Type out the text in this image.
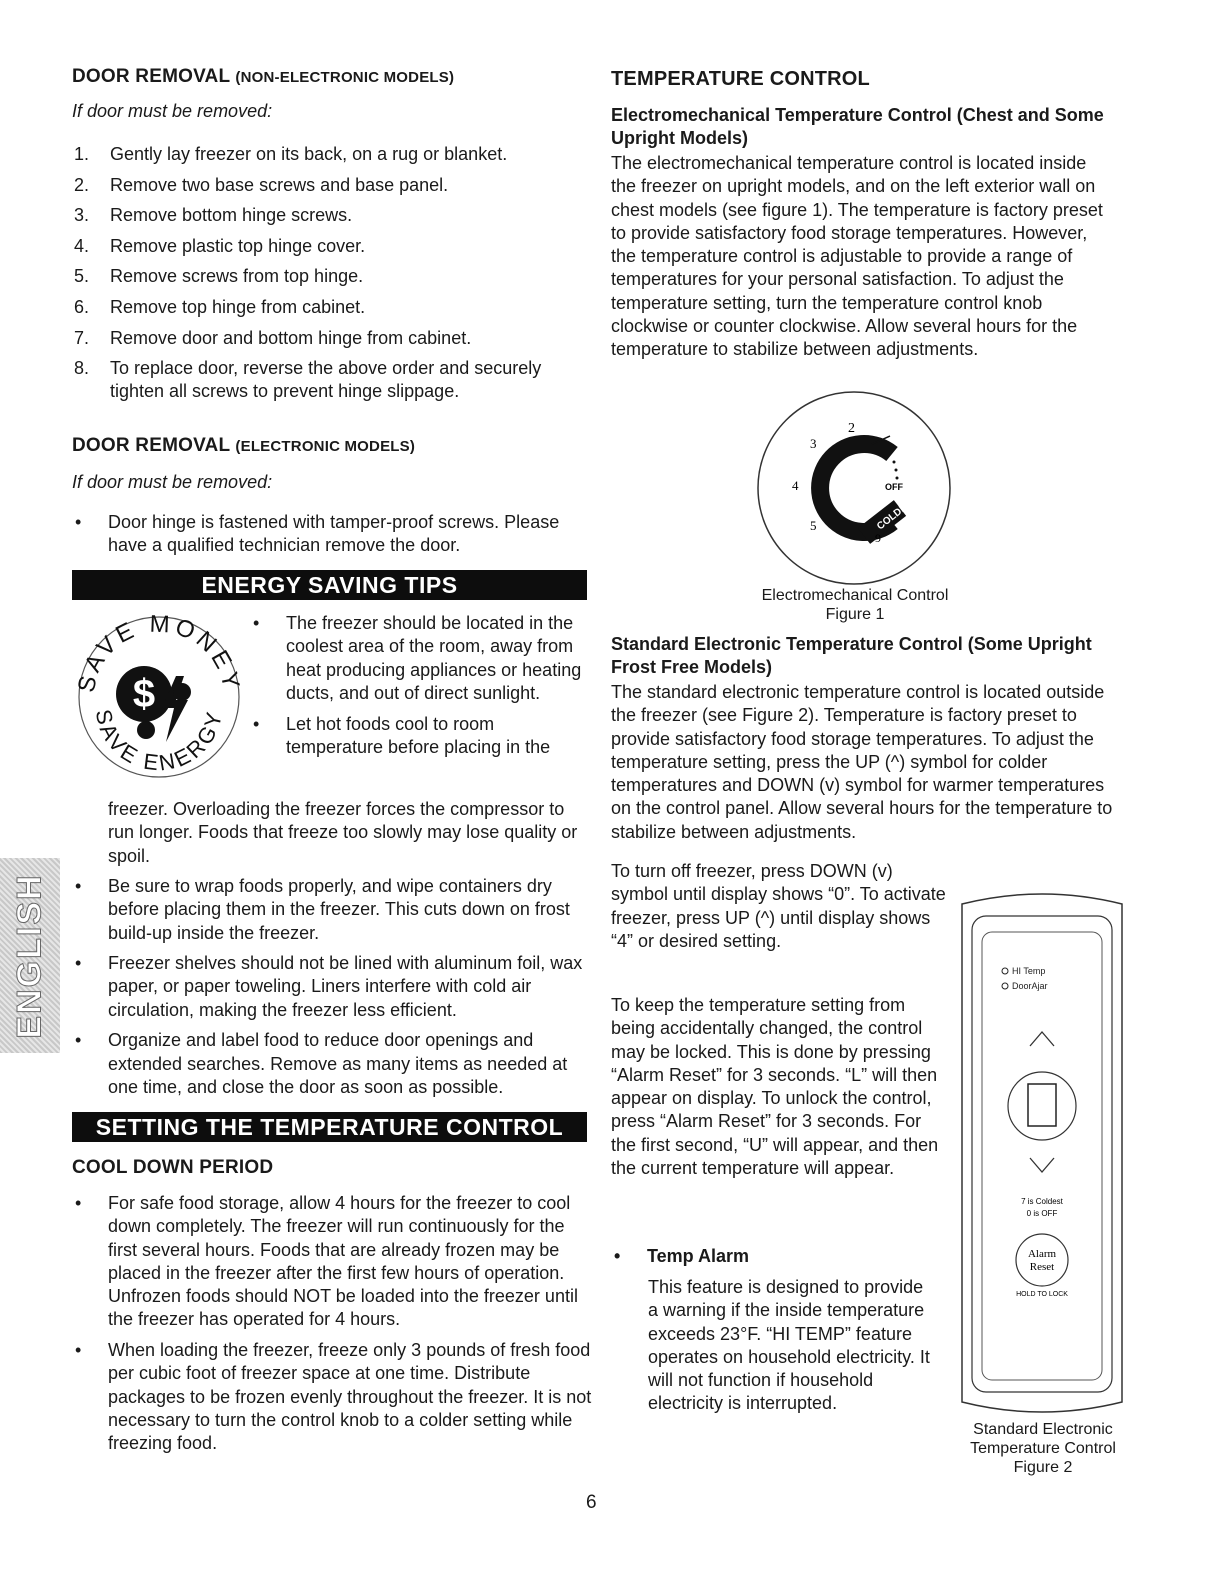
DOOR REMOVAL (NON-ELECTRONIC MODELS)
If door must be removed:
1. Gently lay freezer on its back, on a rug or blanket.
2. Remove two base screws and base panel.
3. Remove bottom hinge screws.
4. Remove plastic top hinge cover.
5. Remove screws from top hinge.
6. Remove top hinge from cabinet.
7. Remove door and bottom hinge from cabinet.
8. To replace door, reverse the above order and securely tighten all screws to prevent hinge slippage.
DOOR REMOVAL (ELECTRONIC MODELS)
If door must be removed:
• Door hinge is fastened with tamper-proof screws. Please have a qualified technician remove the door.
ENERGY SAVING TIPS
SAVE MONEY
SAVE ENERGY
$
• The freezer should be located in the coolest area of the room, away from heat producing appliances or heating ducts, and out of direct sunlight.
• Let hot foods cool to room temperature before placing in the
freezer. Overloading the freezer forces the compressor to run longer. Foods that freeze too slowly may lose quality or spoil.
• Be sure to wrap foods properly, and wipe containers dry before placing them in the freezer. This cuts down on frost build-up inside the freezer.
• Freezer shelves should not be lined with aluminum foil, wax paper, or paper toweling. Liners interfere with cold air circulation, making the freezer less efficient.
• Organize and label food to reduce door openings and extended searches. Remove as many items as needed at one time, and close the door as soon as possible.
SETTING THE TEMPERATURE CONTROL
COOL DOWN PERIOD
• For safe food storage, allow 4 hours for the freezer to cool down completely. The freezer will run continuously for the first several hours. Foods that are already frozen may be placed in the freezer after the first few hours of operation. Unfrozen foods should NOT be loaded into the freezer until the freezer has operated for 4 hours.
• When loading the freezer, freeze only 3 pounds of fresh food per cubic foot of freezer space at one time. Distribute packages to be frozen evenly throughout the freezer. It is not necessary to turn the control knob to a colder setting while freezing food.
ENGLISH
TEMPERATURE CONTROL
Electromechanical Temperature Control (Chest and Some Upright Models)
The electromechanical temperature control is located inside the freezer on upright models, and on the left exterior wall on chest models (see figure 1). The temperature is factory preset to provide satisfactory food storage temperatures. However, the temperature control is adjustable to provide a range of temperatures for your personal satisfaction. To adjust the temperature setting, turn the temperature control knob clockwise or counter clockwise. Allow several hours for the temperature to stabilize between adjustments.
COLDEST
2
3
4
5
9
OFF
Electromechanical Control
Figure 1
Standard Electronic Temperature Control (Some Upright Frost Free Models)
The standard electronic temperature control is located outside the freezer (see Figure 2). Temperature is factory preset to provide satisfactory food storage temperatures. To adjust the temperature setting, press the UP (^) symbol for colder temperatures and DOWN (v) symbol for warmer temperatures on the control panel. Allow several hours for the temperature to stabilize between adjustments.
To turn off freezer, press DOWN (v) symbol until display shows “0”. To activate freezer, press UP (^) until display shows “4” or desired setting.
To keep the temperature setting from being accidentally changed, the control may be locked. This is done by pressing “Alarm Reset” for 3 seconds. “L” will then appear on display. To unlock the control, press “Alarm Reset” for 3 seconds. For the first second, “U” will appear, and then the current temperature will appear.
• Temp Alarm
This feature is designed to provide a warning if the inside temperature exceeds 23°F. “HI TEMP” feature operates on household electricity. It will not function if household electricity is interrupted.
HI Temp
DoorAjar
7 is Coldest
0 is OFF
Alarm
Reset
HOLD TO LOCK
Standard Electronic
Temperature Control
Figure 2
6
